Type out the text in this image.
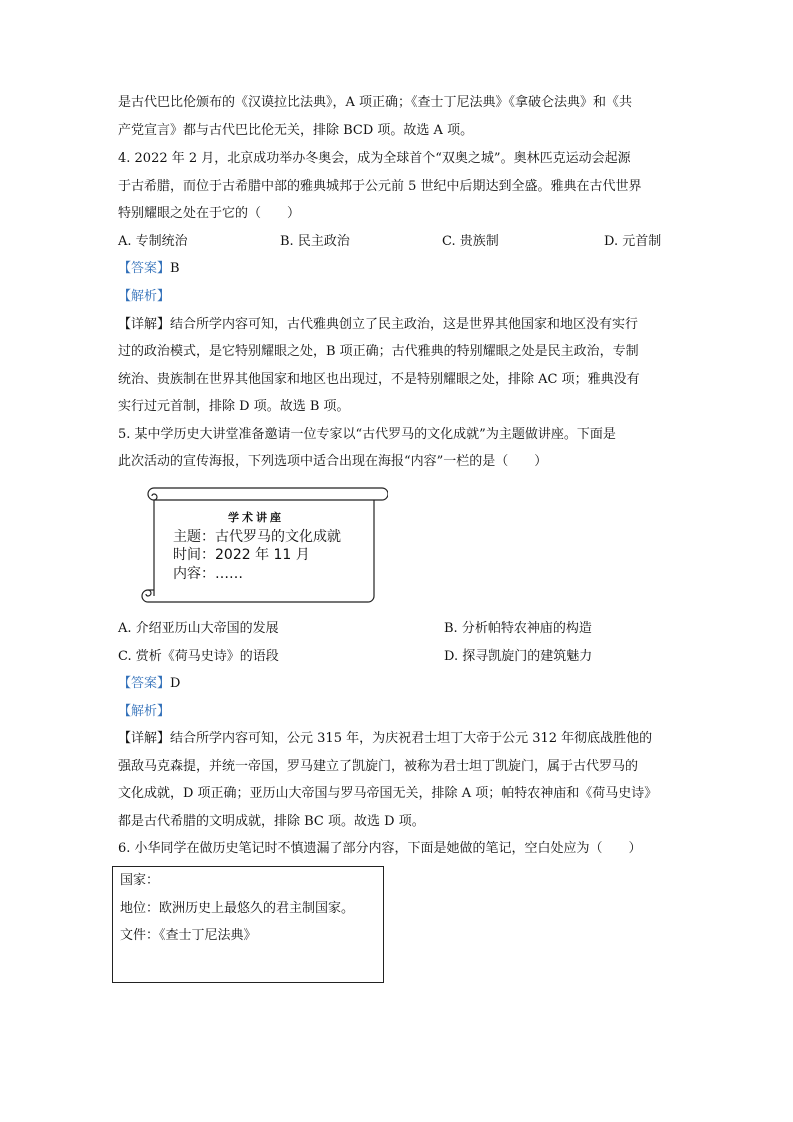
是古代巴比伦颁布的《汉谟拉比法典》，A 项正确；《查士丁尼法典》《拿破仑法典》和《共
产党宣言》都与古代巴比伦无关，排除 BCD 项。故选 A 项。
4. 2022 年 2 月，北京成功举办冬奥会，成为全球首个“双奥之城”。奥林匹克运动会起源
于古希腊，而位于古希腊中部的雅典城邦于公元前 5 世纪中后期达到全盛。雅典在古代世界
特别耀眼之处在于它的（　　）
A. 专制统治	B. 民主政治	C. 贵族制	D. 元首制
【答案】B
【解析】
【详解】结合所学内容可知，古代雅典创立了民主政治，这是世界其他国家和地区没有实行
过的政治模式，是它特别耀眼之处，B 项正确；古代雅典的特别耀眼之处是民主政治，专制
统治、贵族制在世界其他国家和地区也出现过，不是特别耀眼之处，排除 AC 项；雅典没有
实行过元首制，排除 D 项。故选 B 项。
5. 某中学历史大讲堂准备邀请一位专家以“古代罗马的文化成就”为主题做讲座。下面是
此次活动的宣传海报，下列选项中适合出现在海报“内容”一栏的是（　　）
学术讲座
主题：古代罗马的文化成就
时间：2022 年 11 月
内容：……
A. 介绍亚历山大帝国的发展	B. 分析帕特农神庙的构造
C. 赏析《荷马史诗》的语段	D. 探寻凯旋门的建筑魅力
【答案】D
【解析】
【详解】结合所学内容可知，公元 315 年，为庆祝君士坦丁大帝于公元 312 年彻底战胜他的
强敌马克森提，并统一帝国，罗马建立了凯旋门，被称为君士坦丁凯旋门，属于古代罗马的
文化成就，D 项正确；亚历山大帝国与罗马帝国无关，排除 A 项；帕特农神庙和《荷马史诗》
都是古代希腊的文明成就，排除 BC 项。故选 D 项。
6. 小华同学在做历史笔记时不慎遗漏了部分内容，下面是她做的笔记，空白处应为（　　）
国家：
地位：欧洲历史上最悠久的君主制国家。
文件：《查士丁尼法典》
